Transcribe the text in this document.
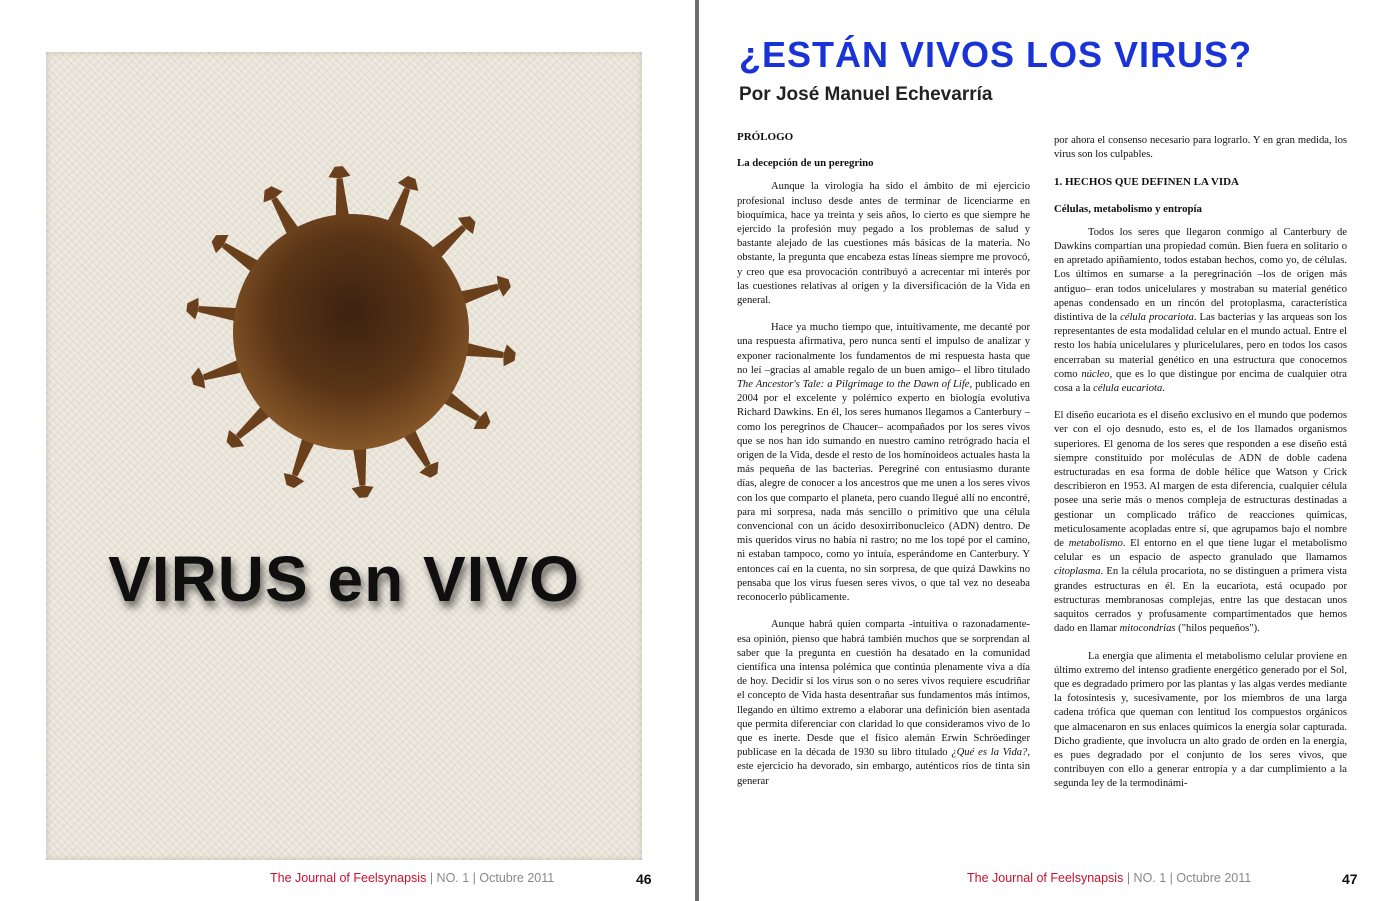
VIRUS en VIVO
The Journal of Feelsynapsis | NO. 1 | Octubre 2011	46
¿ESTÁN VIVOS LOS VIRUS?
Por José Manuel Echevarría
PRÓLOGO
La decepción de un peregrino

Aunque la virología ha sido el ámbito de mi ejercicio profesional incluso desde antes de terminar de licenciarme en bioquímica, hace ya treinta y seis años, lo cierto es que siempre he ejercido la profesión muy pegado a los problemas de salud y bastante alejado de las cuestiones más básicas de la materia. No obstante, la pregunta que encabeza estas líneas siempre me provocó, y creo que esa provocación contribuyó a acrecentar mi interés por las cuestiones relativas al origen y la diversificación de la Vida en general.

Hace ya mucho tiempo que, intuitivamente, me decanté por una respuesta afirmativa, pero nunca sentí el impulso de analizar y exponer racionalmente los fundamentos de mi respuesta hasta que no leí –gracias al amable regalo de un buen amigo– el libro titulado The Ancestor's Tale: a Pilgrimage to the Dawn of Life, publicado en 2004 por el excelente y polémico experto en biología evolutiva Richard Dawkins. En él, los seres humanos llegamos a Canterbury –como los peregrinos de Chaucer– acompañados por los seres vivos que se nos han ido sumando en nuestro camino retrógrado hacia el origen de la Vida, desde el resto de los homínoideos actuales hasta la más pequeña de las bacterias. Peregriné con entusiasmo durante días, alegre de conocer a los ancestros que me unen a los seres vivos con los que comparto el planeta, pero cuando llegué allí no encontré, para mi sorpresa, nada más sencillo o primitivo que una célula convencional con un ácido desoxirribonucleico (ADN) dentro. De mis queridos virus no había ni rastro; no me los topé por el camino, ni estaban tampoco, como yo intuía, esperándome en Canterbury. Y entonces caí en la cuenta, no sin sorpresa, de que quizá Dawkins no pensaba que los virus fuesen seres vivos, o que tal vez no deseaba reconocerlo públicamente.

Aunque habrá quien comparta -intuitiva o razonadamente- esa opinión, pienso que habrá también muchos que se sorprendan al saber que la pregunta en cuestión ha desatado en la comunidad científica una intensa polémica que continúa plenamente viva a día de hoy. Decidir si los virus son o no seres vivos requiere escudriñar el concepto de Vida hasta desentrañar sus fundamentos más íntimos, llegando en último extremo a elaborar una definición bien asentada que permita diferenciar con claridad lo que consideramos vivo de lo que es inerte. Desde que el físico alemán Erwin Schröedinger publicase en la década de 1930 su libro titulado ¿Qué es la Vida?, este ejercicio ha devorado, sin embargo, auténticos ríos de tinta sin generar

por ahora el consenso necesario para lograrlo. Y en gran medida, los virus son los culpables.

1. HECHOS QUE DEFINEN LA VIDA
Células, metabolismo y entropía

Todos los seres que llegaron conmigo al Canterbury de Dawkins compartían una propiedad común. Bien fuera en solitario o en apretado apiñamiento, todos estaban hechos, como yo, de células. Los últimos en sumarse a la peregrinación –los de origen más antiguo– eran todos unicelulares y mostraban su material genético apenas condensado en un rincón del protoplasma, característica distintiva de la célula procariota. Las bacterias y las arqueas son los representantes de esta modalidad celular en el mundo actual. Entre el resto los había unicelulares y pluricelulares, pero en todos los casos encerraban su material genético en una estructura que conocemos como núcleo, que es lo que distingue por encima de cualquier otra cosa a la célula eucariota.

El diseño eucariota es el diseño exclusivo en el mundo que podemos ver con el ojo desnudo, esto es, el de los llamados organismos superiores. El genoma de los seres que responden a ese diseño está siempre constituido por moléculas de ADN de doble cadena estructuradas en esa forma de doble hélice que Watson y Crick describieron en 1953. Al margen de esta diferencia, cualquier célula posee una serie más o menos compleja de estructuras destinadas a gestionar un complicado tráfico de reacciones químicas, meticulosamente acopladas entre sí, que agrupamos bajo el nombre de metabolismo. El entorno en el que tiene lugar el metabolismo celular es un espacio de aspecto granulado que llamamos citoplasma. En la célula procariota, no se distinguen a primera vista grandes estructuras en él. En la eucariota, está ocupado por estructuras membranosas complejas, entre las que destacan unos saquitos cerrados y profusamente compartimentados que hemos dado en llamar mitocondrias ("hilos pequeños").

La energía que alimenta el metabolismo celular proviene en último extremo del intenso gradiente energético generado por el Sol, que es degradado primero por las plantas y las algas verdes mediante la fotosíntesis y, sucesivamente, por los miembros de una larga cadena trófica que queman con lentitud los compuestos orgánicos que almacenaron en sus enlaces químicos la energía solar capturada. Dicho gradiente, que involucra un alto grado de orden en la energía, es pues degradado por el conjunto de los seres vivos, que contribuyen con ello a generar entropía y a dar cumplimiento a la segunda ley de la termodinámi-

The Journal of Feelsynapsis | NO. 1 | Octubre 2011	47
